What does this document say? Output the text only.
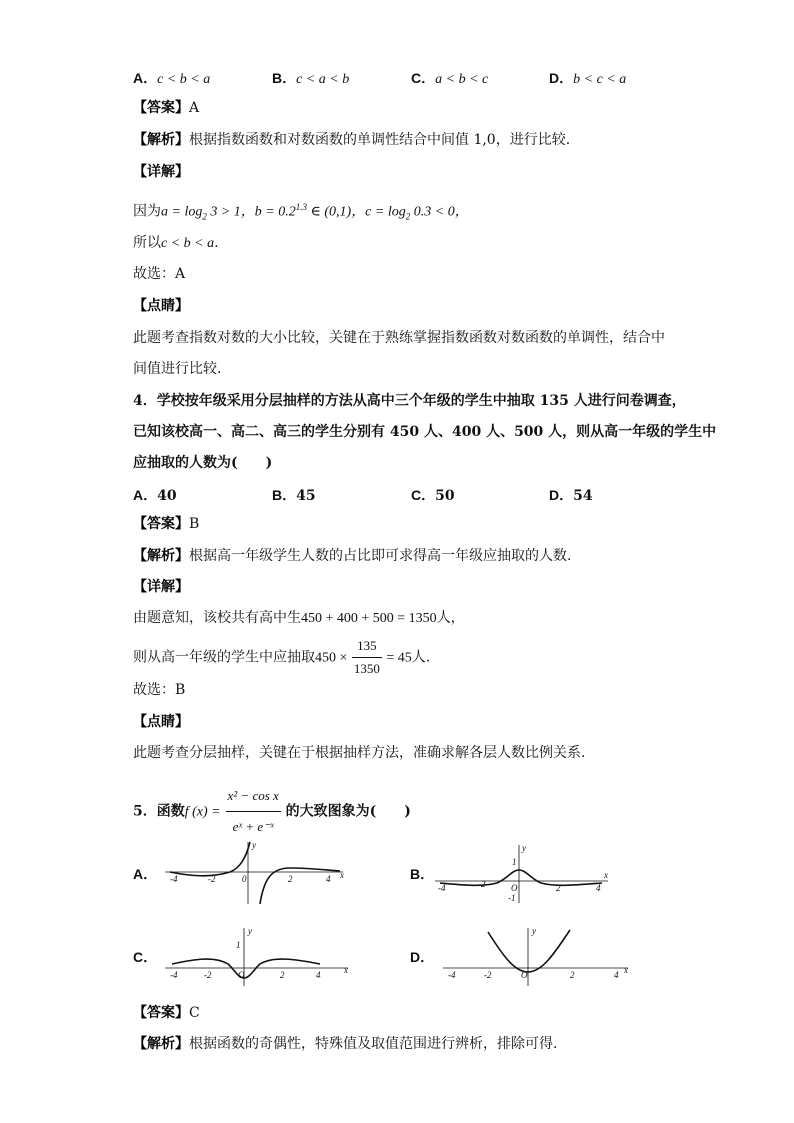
A．c < b < a	B．c < a < b	C．a < b < c	D．b < c < a
【答案】A
【解析】根据指数函数和对数函数的单调性结合中间值 1,0，进行比较.
【详解】
因为$a = \log_2 3 > 1$，$b = 0.2^{1.3}$ ∈ (0,1)，$c = \log_2 0.3 < 0$，
所以c < b < a.
故选：A
【点睛】
此题考查指数对数的大小比较，关键在于熟练掌握指数函数对数函数的单调性，结合中
间值进行比较.
4．学校按年级采用分层抽样的方法从高中三个年级的学生中抽取 135 人进行问卷调查，
已知该校高一、高二、高三的学生分别有 450 人、400 人、500 人，则从高一年级的学生中
应抽取的人数为(　　)
A．40	B．45	C．50	D．54
【答案】B
【解析】根据高一年级学生人数的占比即可求得高一年级应抽取的人数.
【详解】
由题意知，该校共有高中生450 + 400 + 500 = 1350人，
则从高一年级的学生中应抽取$450 \times \frac{135}{1350} = 45$人.
故选：B
【点睛】
此题考查分层抽样，关键在于根据抽样方法，准确求解各层人数比例关系.
5．函数f $(x) = \frac{\text{x² − cos x}}{\text{eˣ + e⁻ˣ}}$ 的大致图象为(　　)
A．	B．
C．	D．
-4	-2	0	2	4 x
y
-4	-2	O	2	4
1
-1
x
y
-4	-2	O	2	4
1
x
y
-4	-2	O	2	4 x
y
【答案】C
【解析】根据函数的奇偶性，特殊值及取值范围进行辨析，排除可得.
